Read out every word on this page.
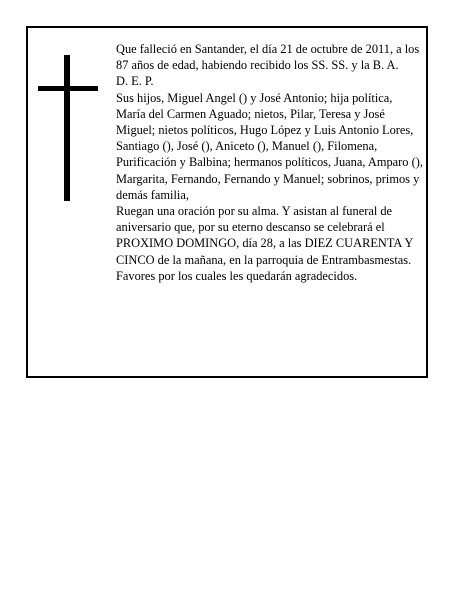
Que falleció en Santander, el día 21 de octubre de 2011, a los 87 años de edad, habiendo recibido los SS. SS. y la B. A.

D. E. P.

Sus hijos, Miguel Angel () y José Antonio; hija política, María del Carmen Aguado; nietos, Pilar, Teresa y José Miguel; nietos políticos, Hugo López y Luis Antonio Lores, Santiago (), José (), Aniceto (), Manuel (), Filomena, Purificación y Balbina; hermanos políticos, Juana, Amparo (), Margarita, Fernando, Fernando y Manuel; sobrinos, primos y demás familia,

Ruegan una oración por su alma. Y asistan al funeral de aniversario que, por su eterno descanso se celebrará el PROXIMO DOMINGO, día 28, a las DIEZ CUARENTA Y CINCO de la mañana, en la parroquia de Entrambasmestas. Favores por los cuales les quedarán agradecidos.
